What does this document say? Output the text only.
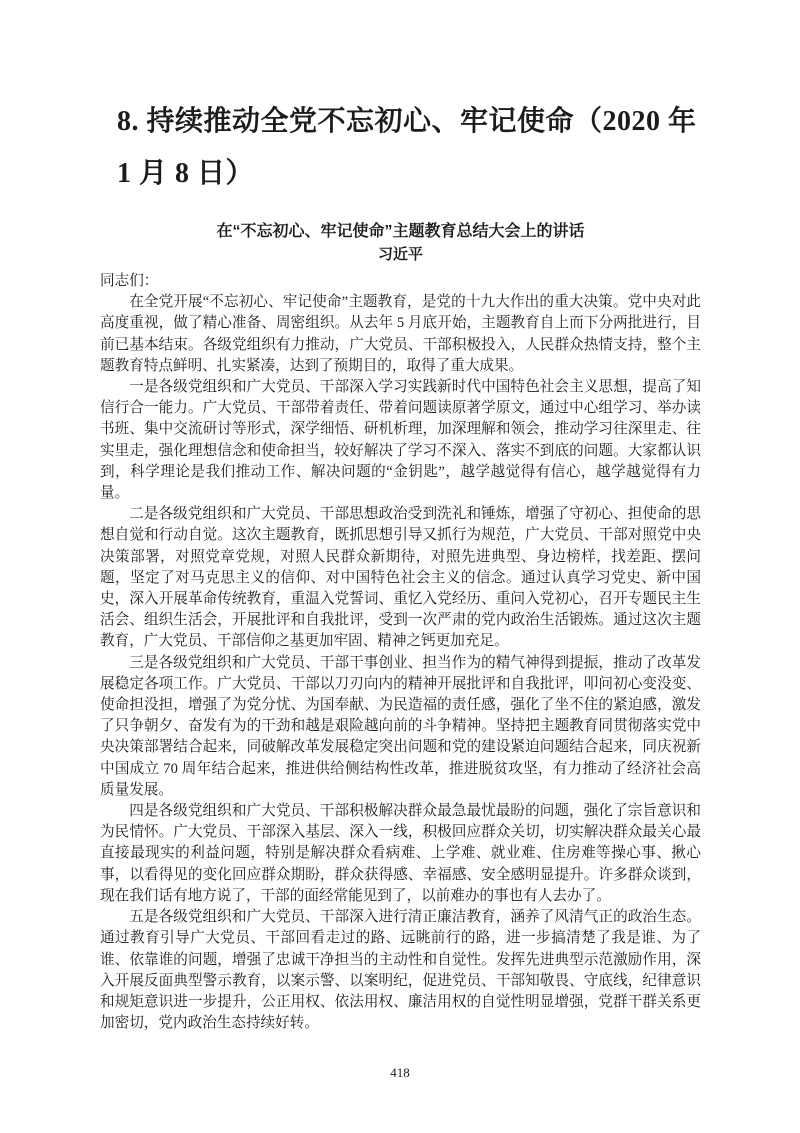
8. 持续推动全党不忘初心、牢记使命（2020 年 1 月 8 日）
在“不忘初心、牢记使命”主题教育总结大会上的讲话
习近平

同志们：

在全党开展“不忘初心、牢记使命”主题教育，是党的十九大作出的重大决策。党中央对此高度重视，做了精心准备、周密组织。从去年 5 月底开始，主题教育自上而下分两批进行，目前已基本结束。各级党组织有力推动，广大党员、干部积极投入，人民群众热情支持，整个主题教育特点鲜明、扎实紧凑，达到了预期目的，取得了重大成果。

一是各级党组织和广大党员、干部深入学习实践新时代中国特色社会主义思想，提高了知信行合一能力。广大党员、干部带着责任、带着问题读原著学原文，通过中心组学习、举办读书班、集中交流研讨等形式，深学细悟、研机析理，加深理解和领会，推动学习往深里走、往实里走，强化理想信念和使命担当，较好解决了学习不深入、落实不到底的问题。大家都认识到，科学理论是我们推动工作、解决问题的“金钥匙”，越学越觉得有信心，越学越觉得有力量。

二是各级党组织和广大党员、干部思想政治受到洗礼和锤炼，增强了守初心、担使命的思想自觉和行动自觉。这次主题教育，既抓思想引导又抓行为规范，广大党员、干部对照党中央决策部署，对照党章党规，对照人民群众新期待，对照先进典型、身边榜样，找差距、摆问题，坚定了对马克思主义的信仰、对中国特色社会主义的信念。通过认真学习党史、新中国史，深入开展革命传统教育，重温入党誓词、重忆入党经历、重问入党初心，召开专题民主生活会、组织生活会，开展批评和自我批评，受到一次严肃的党内政治生活锻炼。通过这次主题教育，广大党员、干部信仰之基更加牢固、精神之钙更加充足。

三是各级党组织和广大党员、干部干事创业、担当作为的精气神得到提振，推动了改革发展稳定各项工作。广大党员、干部以刀刃向内的精神开展批评和自我批评，叩问初心变没变、使命担没担，增强了为党分忧、为国奉献、为民造福的责任感，强化了坐不住的紧迫感，激发了只争朝夕、奋发有为的干劲和越是艰险越向前的斗争精神。坚持把主题教育同贯彻落实党中央决策部署结合起来，同破解改革发展稳定突出问题和党的建设紧迫问题结合起来，同庆祝新中国成立 70 周年结合起来，推进供给侧结构性改革，推进脱贫攻坚，有力推动了经济社会高质量发展。

四是各级党组织和广大党员、干部积极解决群众最急最忧最盼的问题，强化了宗旨意识和为民情怀。广大党员、干部深入基层、深入一线，积极回应群众关切，切实解决群众最关心最直接最现实的利益问题，特别是解决群众看病难、上学难、就业难、住房难等操心事、揪心事，以看得见的变化回应群众期盼，群众获得感、幸福感、安全感明显提升。许多群众谈到，现在我们话有地方说了，干部的面经常能见到了，以前难办的事也有人去办了。

五是各级党组织和广大党员、干部深入进行清正廉洁教育，涵养了风清气正的政治生态。通过教育引导广大党员、干部回看走过的路、远眺前行的路，进一步搞清楚了我是谁、为了谁、依靠谁的问题，增强了忠诚干净担当的主动性和自觉性。发挥先进典型示范激励作用，深入开展反面典型警示教育，以案示警、以案明纪，促进党员、干部知敬畏、守底线，纪律意识和规矩意识进一步提升，公正用权、依法用权、廉洁用权的自觉性明显增强，党群干群关系更加密切，党内政治生态持续好转。

418
